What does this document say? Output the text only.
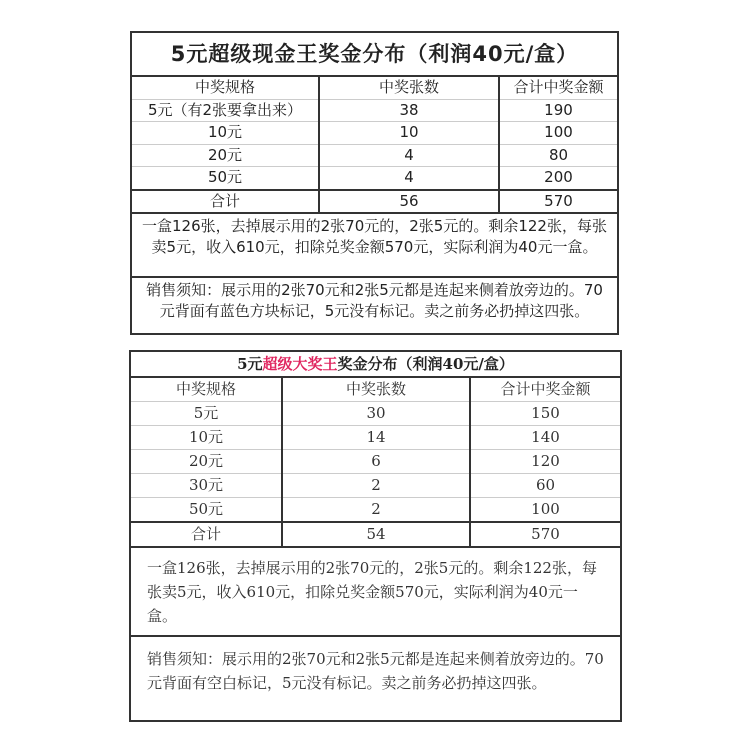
5元超级现金王奖金分布（利润40元/盒）
中奖规格	中奖张数	合计中奖金额
5元（有2张要拿出来）	38	190
10元	10	100
20元	4	80
50元	4	200
合计	56	570
一盒126张，去掉展示用的2张70元的，2张5元的。剩余122张，每张卖5元，收入610元，扣除兑奖金额570元，实际利润为40元一盒。
销售须知：展示用的2张70元和2张5元都是连起来侧着放旁边的。70元背面有蓝色方块标记，5元没有标记。卖之前务必扔掉这四张。
5元超级大奖王奖金分布（利润40元/盒）
中奖规格	中奖张数	合计中奖金额
5元	30	150
10元	14	140
20元	6	120
30元	2	60
50元	2	100
合计	54	570
一盒126张，去掉展示用的2张70元的，2张5元的。剩余122张，每张卖5元，收入610元，扣除兑奖金额570元，实际利润为40元一盒。
销售须知：展示用的2张70元和2张5元都是连起来侧着放旁边的。70元背面有空白标记，5元没有标记。卖之前务必扔掉这四张。
